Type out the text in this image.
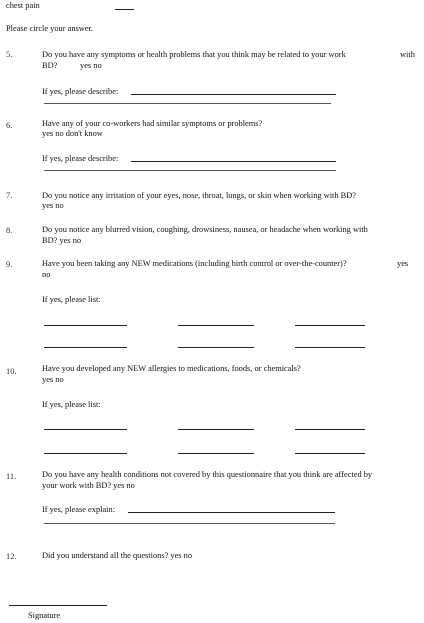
chest pain
Please circle your answer.
5.	Do you have any symptoms or health problems that you think may be related to your work	with
BD?	yes no
If yes, please describe:
6.	Have any of your co-workers had similar symptoms or problems?
yes no don't know
If yes, please describe:
7.	Do you notice any irritation of your eyes, nose, throat, lungs, or skin when working with BD?
yes no
8.	Do you notice any blurred vision, coughing, drowsiness, nausea, or headache when working with
BD? yes no
9.	Have you been taking any NEW medications (including birth control or over-the-counter)?	yes
no
If yes, please list:
10.	Have you developed any NEW allergies to medications, foods, or chemicals?
yes no
If yes, please list:
11.	Do you have any health conditions not covered by this questionnaire that you think are affected by
your work with BD? yes no
If yes, please explain:
12.	Did you understand all the questions? yes no
Signature
